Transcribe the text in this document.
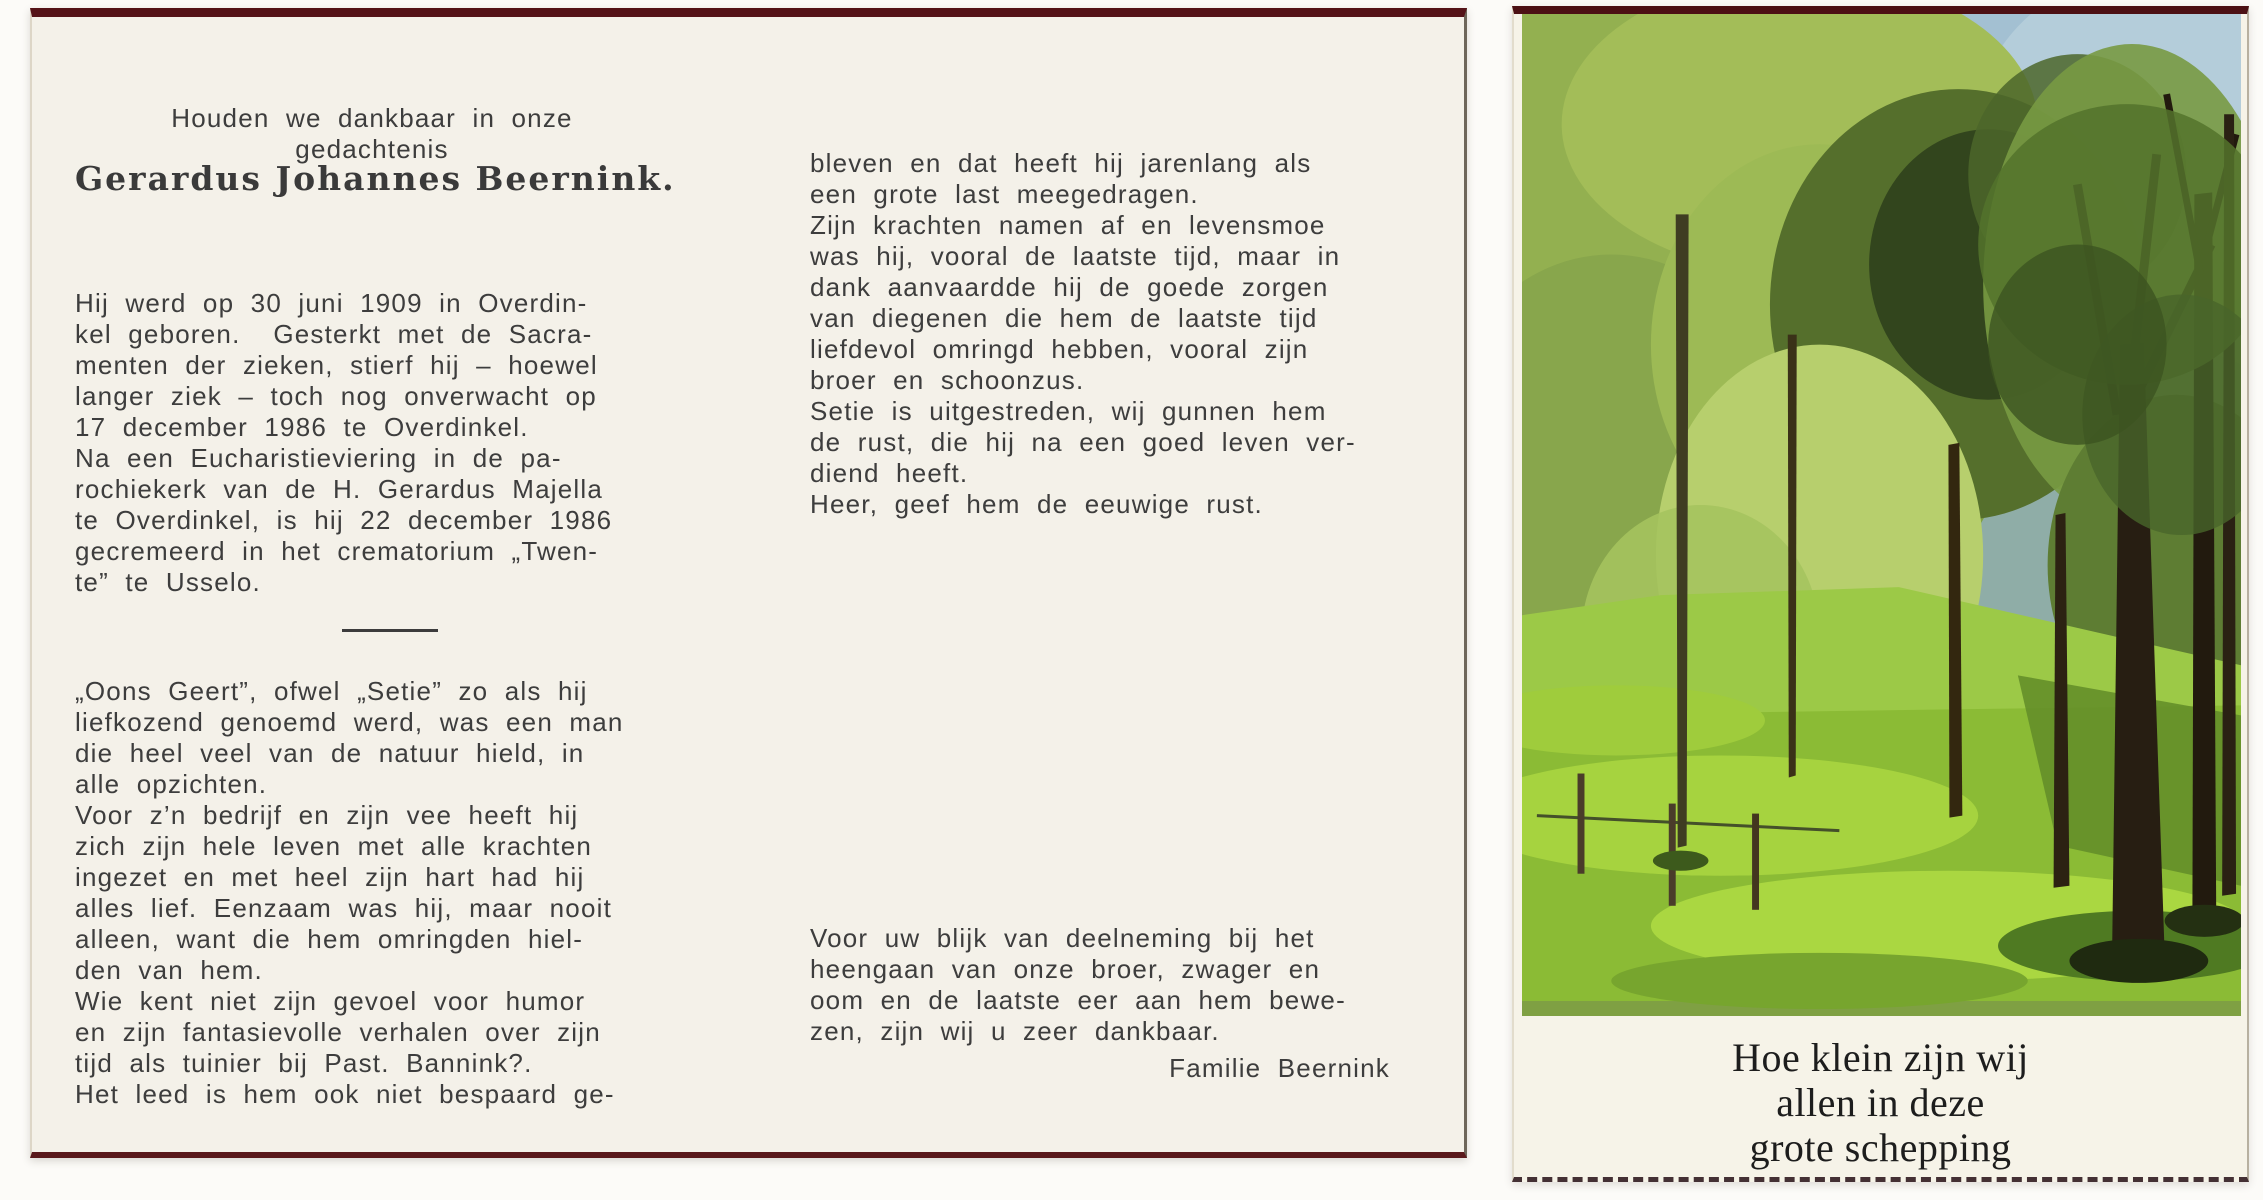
Houden we dankbaar in onze
gedachtenis
Gerardus Johannes Beernink.
Hij werd op 30 juni 1909 in Overdin-
kel geboren.  Gesterkt met de Sacra-
menten der zieken, stierf hij – hoewel
langer ziek – toch nog onverwacht op
17 december 1986 te Overdinkel.
Na een Eucharistieviering in de pa-
rochiekerk van de H. Gerardus Majella
te Overdinkel, is hij 22 december 1986
gecremeerd in het crematorium „Twen-
te” te Usselo.
„Oons Geert”, ofwel „Setie” zo als hij
liefkozend genoemd werd, was een man
die heel veel van de natuur hield, in
alle opzichten.
Voor z’n bedrijf en zijn vee heeft hij
zich zijn hele leven met alle krachten
ingezet en met heel zijn hart had hij
alles lief. Eenzaam was hij, maar nooit
alleen, want die hem omringden hiel-
den van hem.
Wie kent niet zijn gevoel voor humor
en zijn fantasievolle verhalen over zijn
tijd als tuinier bij Past. Bannink?.
Het leed is hem ook niet bespaard ge-
bleven en dat heeft hij jarenlang als
een grote last meegedragen.
Zijn krachten namen af en levensmoe
was hij, vooral de laatste tijd, maar in
dank aanvaardde hij de goede zorgen
van diegenen die hem de laatste tijd
liefdevol omringd hebben, vooral zijn
broer en schoonzus.
Setie is uitgestreden, wij gunnen hem
de rust, die hij na een goed leven ver-
diend heeft.
Heer, geef hem de eeuwige rust.
Voor uw blijk van deelneming bij het
heengaan van onze broer, zwager en
oom en de laatste eer aan hem bewe-
zen, zijn wij u zeer dankbaar.
Familie Beernink	Hoe klein zijn wij
allen in deze
grote schepping
